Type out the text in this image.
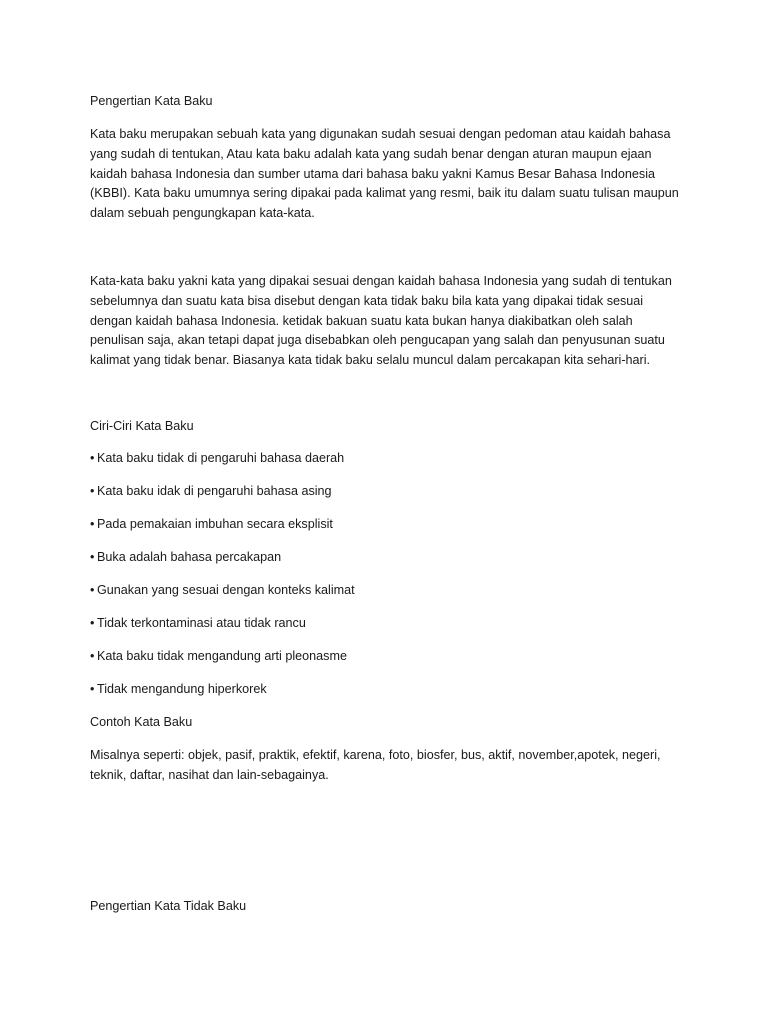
Pengertian Kata Baku

Kata baku merupakan sebuah kata yang digunakan sudah sesuai dengan pedoman atau kaidah bahasa yang sudah di tentukan, Atau kata baku adalah kata yang sudah benar dengan aturan maupun ejaan kaidah bahasa Indonesia dan sumber utama dari bahasa baku yakni Kamus Besar Bahasa Indonesia (KBBI). Kata baku umumnya sering dipakai pada kalimat yang resmi, baik itu dalam suatu tulisan maupun dalam sebuah pengungkapan kata-kata.

Kata-kata baku yakni kata yang dipakai sesuai dengan kaidah bahasa Indonesia yang sudah di tentukan sebelumnya dan suatu kata bisa disebut dengan kata tidak baku bila kata yang dipakai tidak sesuai dengan kaidah bahasa Indonesia. ketidak bakuan suatu kata bukan hanya diakibatkan oleh salah penulisan saja, akan tetapi dapat juga disebabkan oleh pengucapan yang salah dan penyusunan suatu kalimat yang tidak benar. Biasanya kata tidak baku selalu muncul dalam percakapan kita sehari-hari.

Ciri-Ciri Kata Baku

• Kata baku tidak di pengaruhi bahasa daerah

• Kata baku idak di pengaruhi bahasa asing

• Pada pemakaian imbuhan secara eksplisit

• Buka adalah bahasa percakapan

• Gunakan yang sesuai dengan konteks kalimat

• Tidak terkontaminasi atau tidak rancu

• Kata baku tidak mengandung arti pleonasme

• Tidak mengandung hiperkorek

Contoh Kata Baku

Misalnya seperti: objek, pasif, praktik, efektif, karena, foto, biosfer, bus, aktif, november,apotek, negeri, teknik, daftar, nasihat dan lain-sebagainya.

Pengertian Kata Tidak Baku
